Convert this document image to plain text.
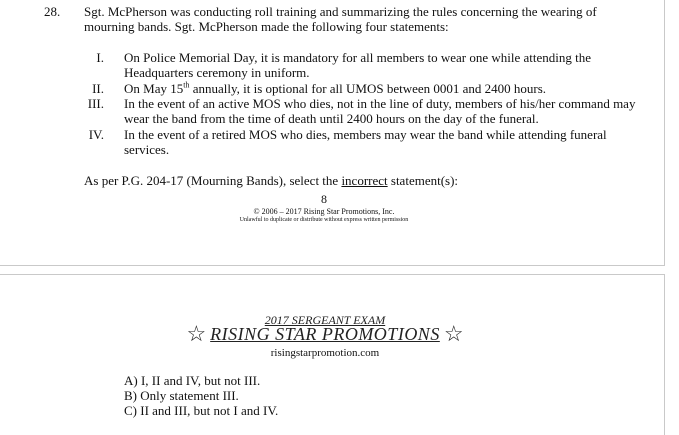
28. Sgt. McPherson was conducting roll training and summarizing the rules concerning the wearing of mourning bands. Sgt. McPherson made the following four statements:
I. On Police Memorial Day, it is mandatory for all members to wear one while attending the Headquarters ceremony in uniform.
II. On May 15th annually, it is optional for all UMOS between 0001 and 2400 hours.
III. In the event of an active MOS who dies, not in the line of duty, members of his/her command may wear the band from the time of death until 2400 hours on the day of the funeral.
IV. In the event of a retired MOS who dies, members may wear the band while attending funeral services.
As per P.G. 204-17 (Mourning Bands), select the incorrect statement(s):
8
© 2006 – 2017 Rising Star Promotions, Inc.
Unlawful to duplicate or distribute without express written permission
2017 SERGEANT EXAM
☆ RISING STAR PROMOTIONS ☆
risingstarpromotion.com
A) I, II and IV, but not III.
B) Only statement III.
C) II and III, but not I and IV.
